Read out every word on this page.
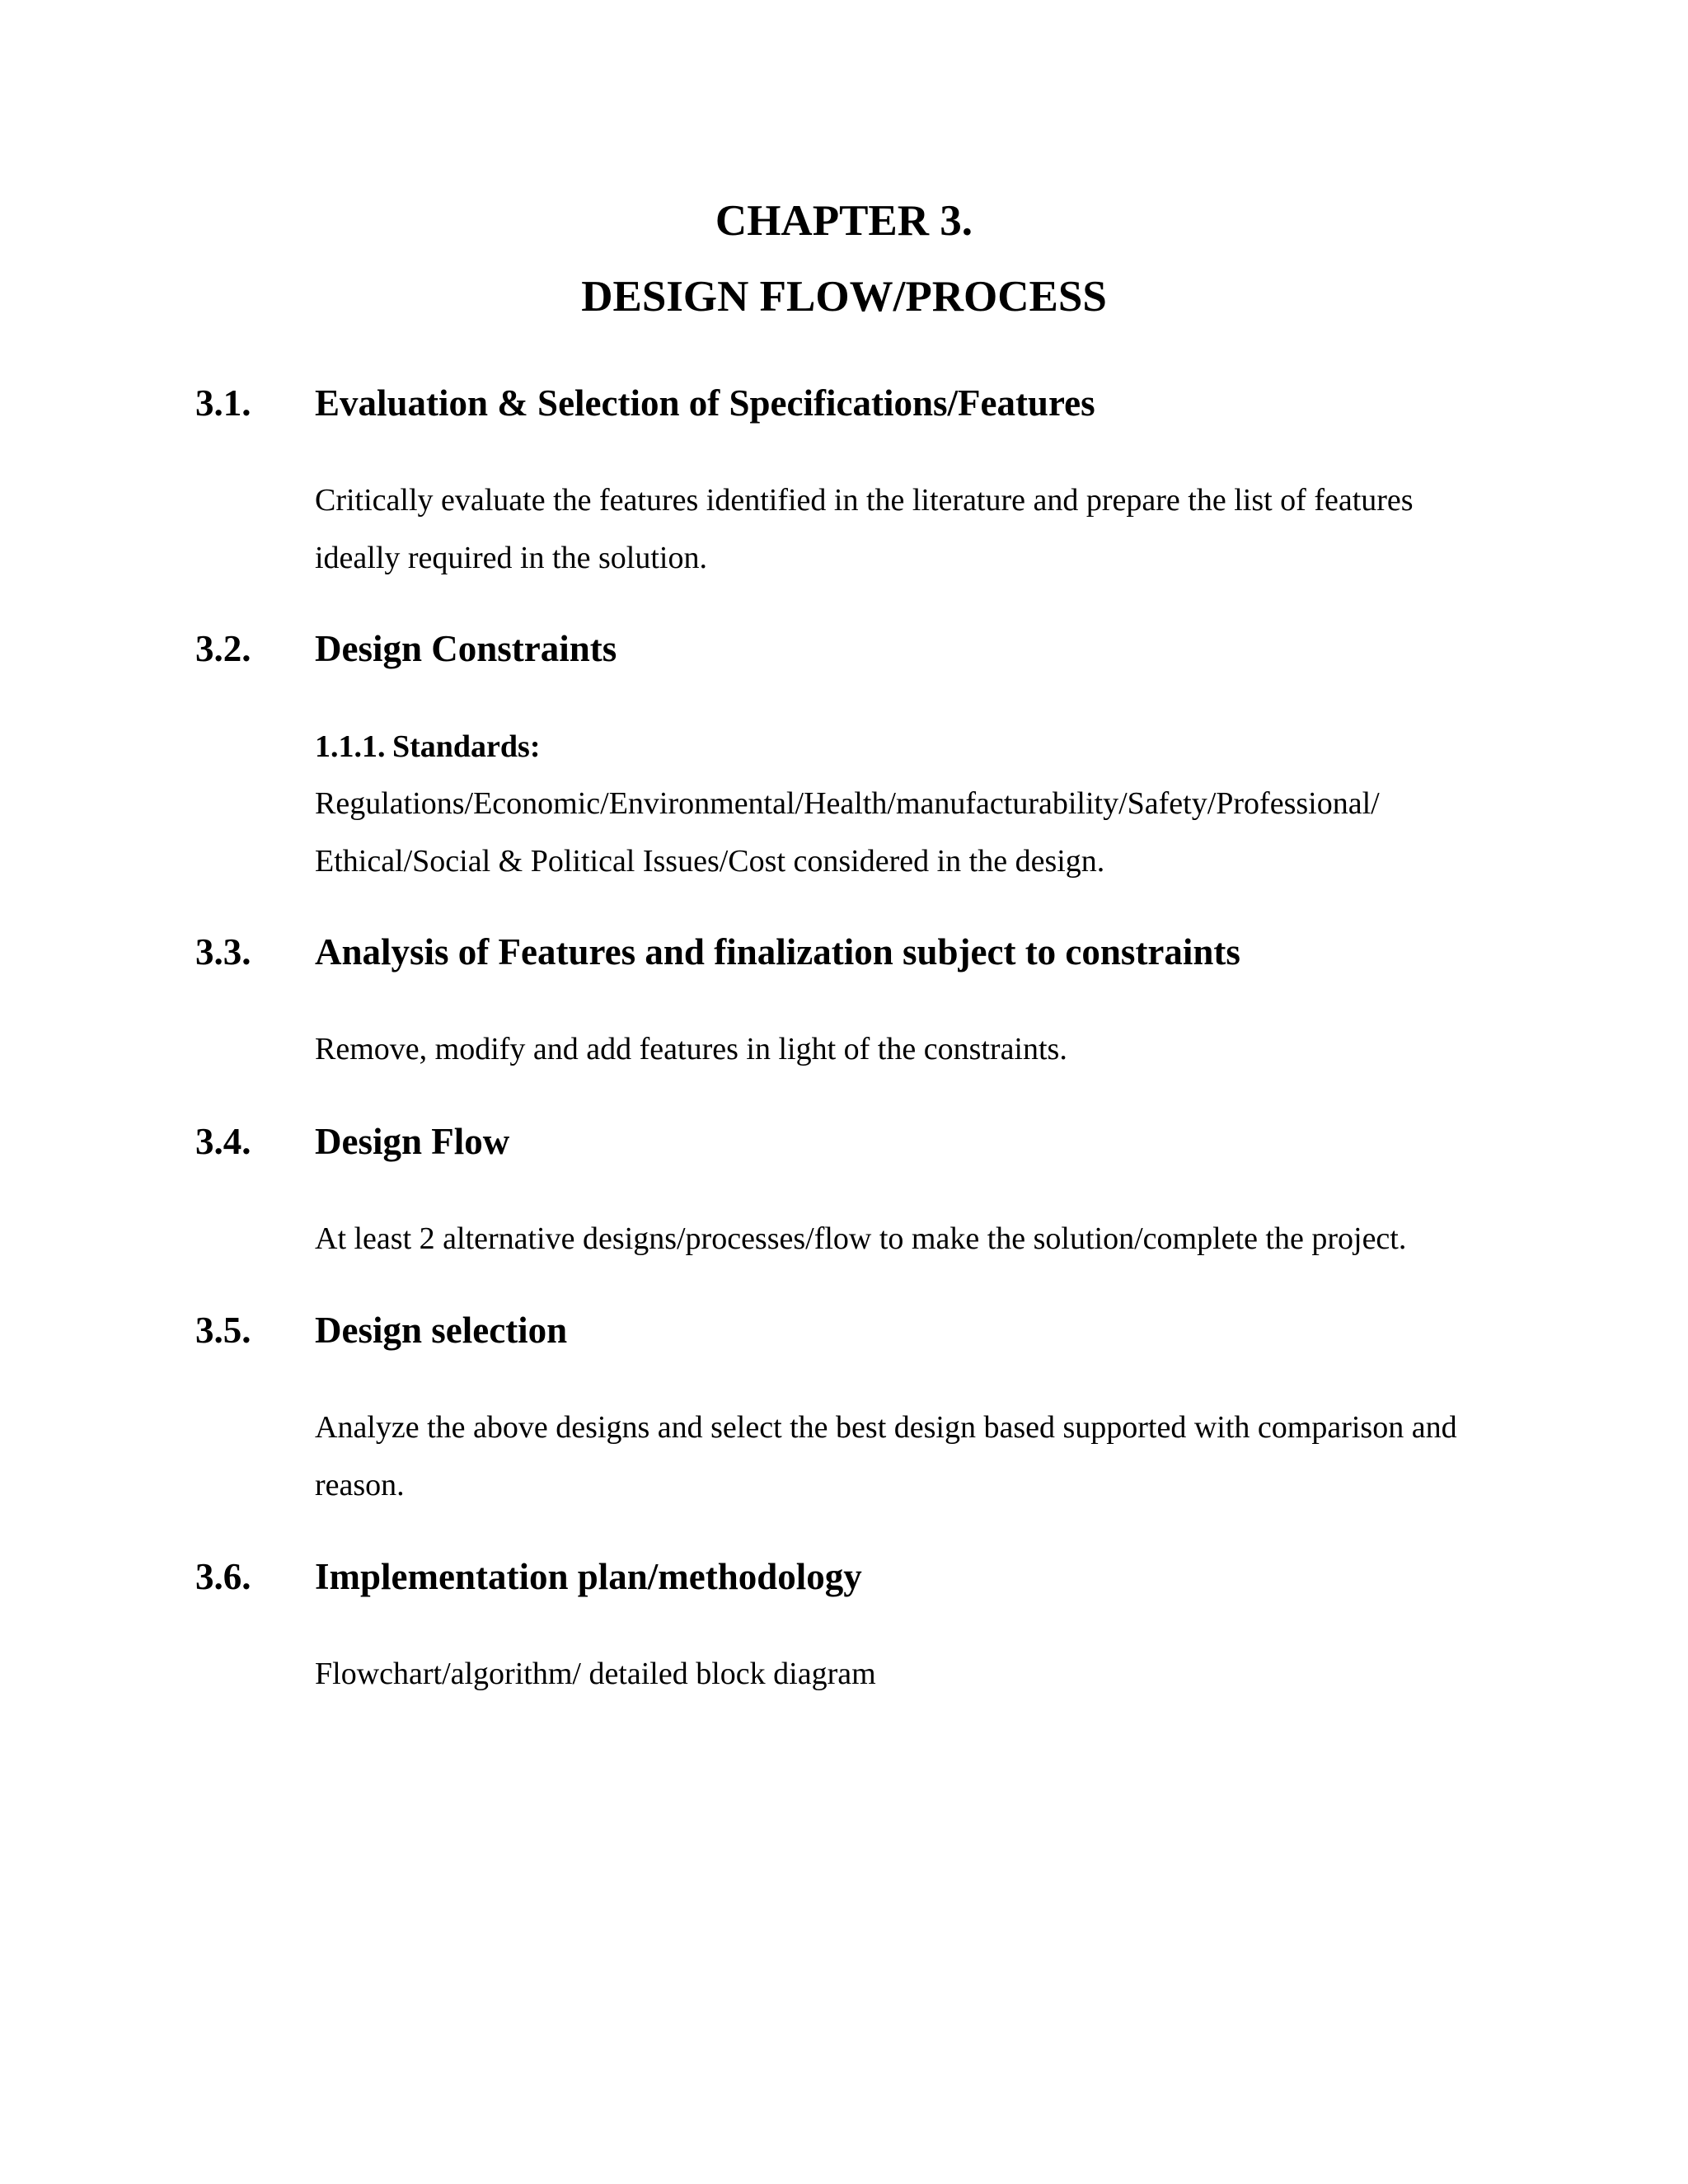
CHAPTER 3.
DESIGN FLOW/PROCESS
3.1. Evaluation & Selection of Specifications/Features

Critically evaluate the features identified in the literature and prepare the list of features ideally required in the solution.

3.2. Design Constraints

1.1.1. Standards:

Regulations/Economic/Environmental/Health/manufacturability/Safety/Professional/ Ethical/Social & Political Issues/Cost considered in the design.

3.3. Analysis of Features and finalization subject to constraints

Remove, modify and add features in light of the constraints.

3.4. Design Flow

At least 2 alternative designs/processes/flow to make the solution/complete the project.

3.5. Design selection

Analyze the above designs and select the best design based supported with comparison and reason.

3.6. Implementation plan/methodology

Flowchart/algorithm/ detailed block diagram
